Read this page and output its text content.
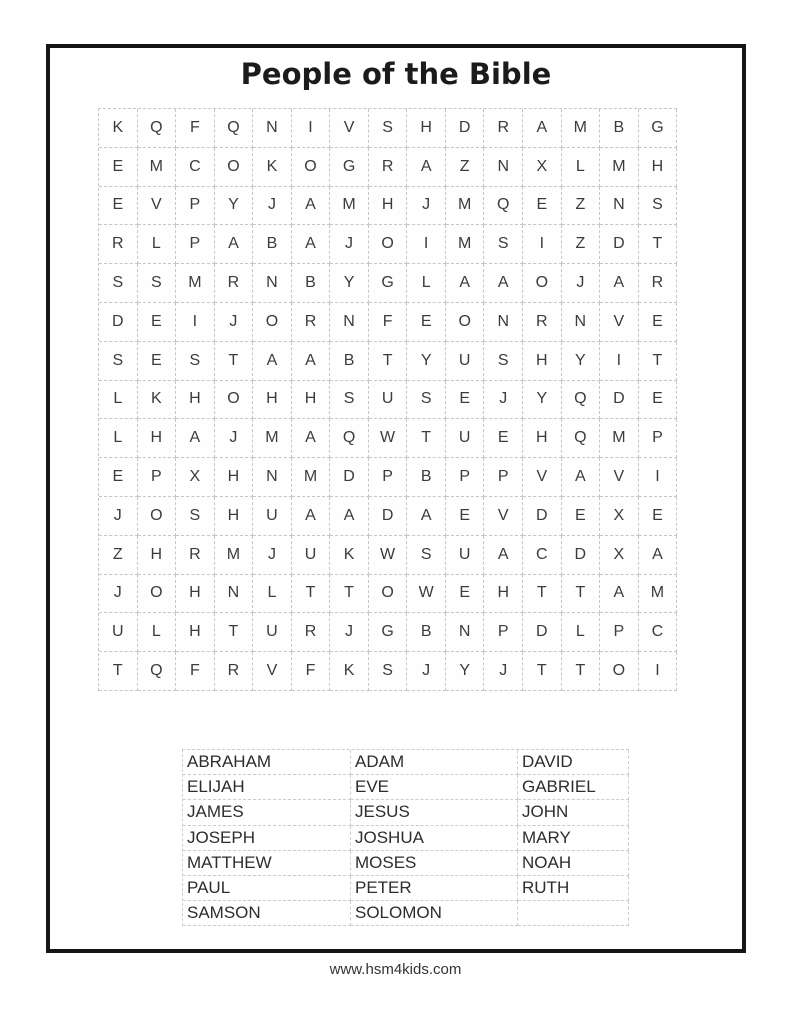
People of the Bible
K	Q	F	Q	N	I	V	S	H	D	R	A	M	B	G
E	M	C	O	K	O	G	R	A	Z	N	X	L	M	H
E	V	P	Y	J	A	M	H	J	M	Q	E	Z	N	S
R	L	P	A	B	A	J	O	I	M	S	I	Z	D	T
S	S	M	R	N	B	Y	G	L	A	A	O	J	A	R
D	E	I	J	O	R	N	F	E	O	N	R	N	V	E
S	E	S	T	A	A	B	T	Y	U	S	H	Y	I	T
L	K	H	O	H	H	S	U	S	E	J	Y	Q	D	E
L	H	A	J	M	A	Q	W	T	U	E	H	Q	M	P
E	P	X	H	N	M	D	P	B	P	P	V	A	V	I
J	O	S	H	U	A	A	D	A	E	V	D	E	X	E
Z	H	R	M	J	U	K	W	S	U	A	C	D	X	A
J	O	H	N	L	T	T	O	W	E	H	T	T	A	M
U	L	H	T	U	R	J	G	B	N	P	D	L	P	C
T	Q	F	R	V	F	K	S	J	Y	J	T	T	O	I
ABRAHAM	ADAM	DAVID
ELIJAH	EVE	GABRIEL
JAMES	JESUS	JOHN
JOSEPH	JOSHUA	MARY
MATTHEW	MOSES	NOAH
PAUL	PETER	RUTH
SAMSON	SOLOMON
www.hsm4kids.com
